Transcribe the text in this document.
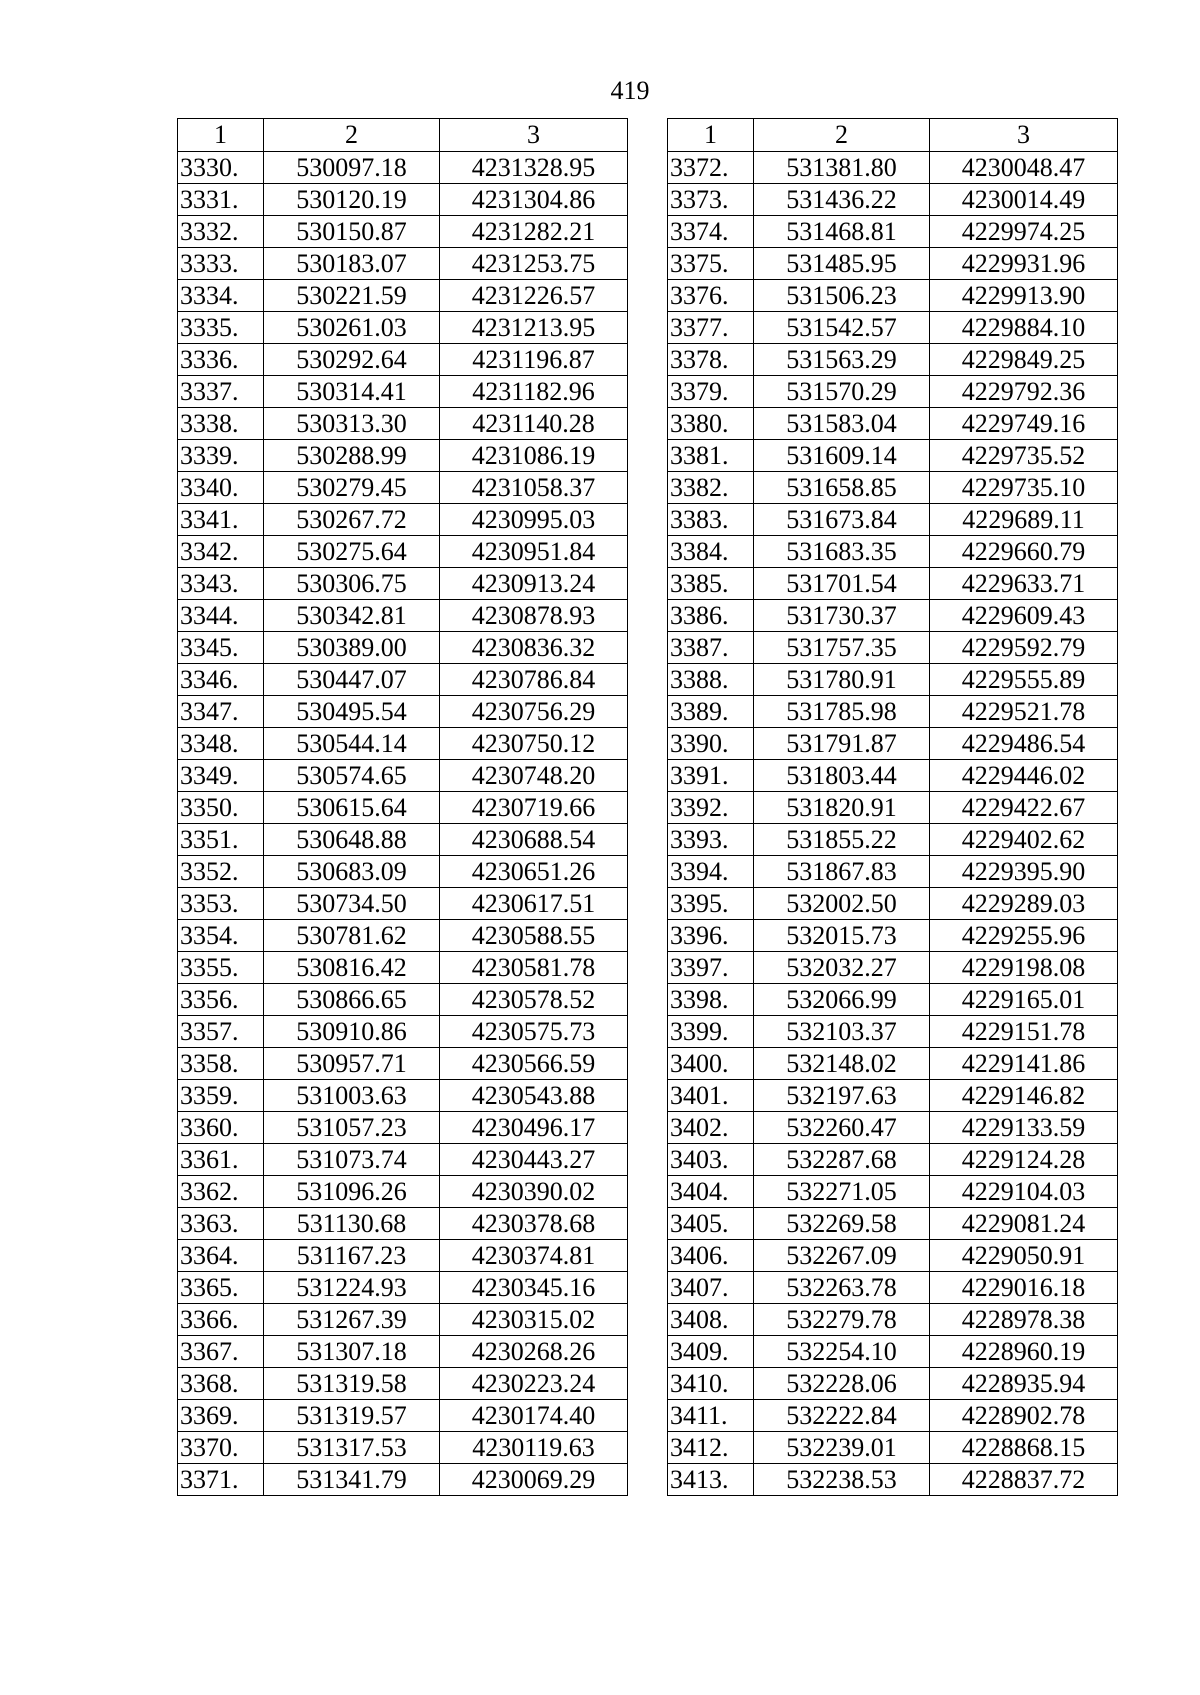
419
1	2	3
3330.	530097.18	4231328.95
3331.	530120.19	4231304.86
3332.	530150.87	4231282.21
3333.	530183.07	4231253.75
3334.	530221.59	4231226.57
3335.	530261.03	4231213.95
3336.	530292.64	4231196.87
3337.	530314.41	4231182.96
3338.	530313.30	4231140.28
3339.	530288.99	4231086.19
3340.	530279.45	4231058.37
3341.	530267.72	4230995.03
3342.	530275.64	4230951.84
3343.	530306.75	4230913.24
3344.	530342.81	4230878.93
3345.	530389.00	4230836.32
3346.	530447.07	4230786.84
3347.	530495.54	4230756.29
3348.	530544.14	4230750.12
3349.	530574.65	4230748.20
3350.	530615.64	4230719.66
3351.	530648.88	4230688.54
3352.	530683.09	4230651.26
3353.	530734.50	4230617.51
3354.	530781.62	4230588.55
3355.	530816.42	4230581.78
3356.	530866.65	4230578.52
3357.	530910.86	4230575.73
3358.	530957.71	4230566.59
3359.	531003.63	4230543.88
3360.	531057.23	4230496.17
3361.	531073.74	4230443.27
3362.	531096.26	4230390.02
3363.	531130.68	4230378.68
3364.	531167.23	4230374.81
3365.	531224.93	4230345.16
3366.	531267.39	4230315.02
3367.	531307.18	4230268.26
3368.	531319.58	4230223.24
3369.	531319.57	4230174.40
3370.	531317.53	4230119.63
3371.	531341.79	4230069.29
1	2	3
3372.	531381.80	4230048.47
3373.	531436.22	4230014.49
3374.	531468.81	4229974.25
3375.	531485.95	4229931.96
3376.	531506.23	4229913.90
3377.	531542.57	4229884.10
3378.	531563.29	4229849.25
3379.	531570.29	4229792.36
3380.	531583.04	4229749.16
3381.	531609.14	4229735.52
3382.	531658.85	4229735.10
3383.	531673.84	4229689.11
3384.	531683.35	4229660.79
3385.	531701.54	4229633.71
3386.	531730.37	4229609.43
3387.	531757.35	4229592.79
3388.	531780.91	4229555.89
3389.	531785.98	4229521.78
3390.	531791.87	4229486.54
3391.	531803.44	4229446.02
3392.	531820.91	4229422.67
3393.	531855.22	4229402.62
3394.	531867.83	4229395.90
3395.	532002.50	4229289.03
3396.	532015.73	4229255.96
3397.	532032.27	4229198.08
3398.	532066.99	4229165.01
3399.	532103.37	4229151.78
3400.	532148.02	4229141.86
3401.	532197.63	4229146.82
3402.	532260.47	4229133.59
3403.	532287.68	4229124.28
3404.	532271.05	4229104.03
3405.	532269.58	4229081.24
3406.	532267.09	4229050.91
3407.	532263.78	4229016.18
3408.	532279.78	4228978.38
3409.	532254.10	4228960.19
3410.	532228.06	4228935.94
3411.	532222.84	4228902.78
3412.	532239.01	4228868.15
3413.	532238.53	4228837.72
